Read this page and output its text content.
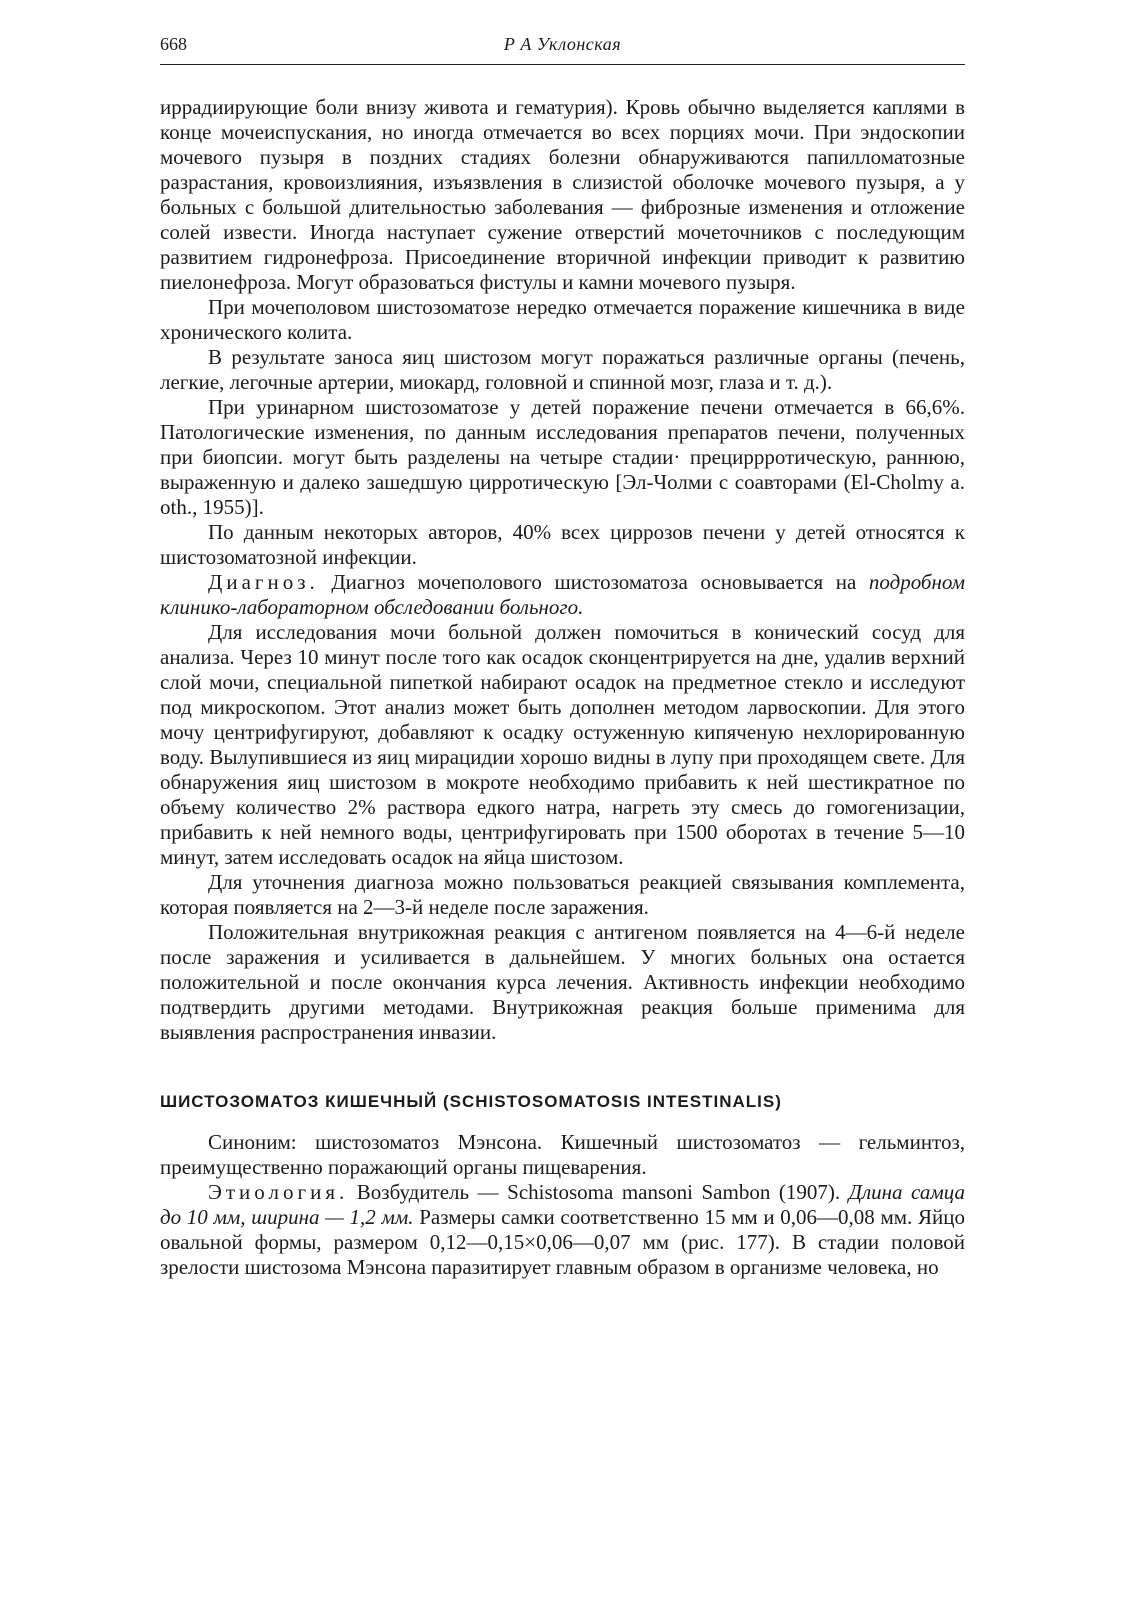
668	Р А Уклонская

иррадиирующие боли внизу живота и гематурия). Кровь обычно выделяется каплями в конце мочеиспускания, но иногда отмечается во всех порциях мочи. При эндоскопии мочевого пузыря в поздних стадиях болезни обнаруживаются папилломатозные разрастания, кровоизлияния, изъязвления в слизистой оболочке мочевого пузыря, а у больных с большой длительностью заболевания — фиброзные изменения и отложение солей извести. Иногда наступает сужение отверстий мочеточников с последующим развитием гидронефроза. Присоединение вторичной инфекции приводит к развитию пиелонефроза. Могут образоваться фистулы и камни мочевого пузыря.

При мочеполовом шистозоматозе нередко отмечается поражение кишечника в виде хронического колита.

В результате заноса яиц шистозом могут поражаться различные органы (печень, легкие, легочные артерии, миокард, головной и спинной мозг, глаза и т. д.).

При уринарном шистозоматозе у детей поражение печени отмечается в 66,6%. Патологические изменения, по данным исследования препаратов печени, полученных при биопсии. могут быть разделены на четыре стадии· прециррротическую, раннюю, выраженную и далеко зашедшую цирротическую [Эл-Чолми с соавторами (El-Cholmy a. oth., 1955)].

По данным некоторых авторов, 40% всех циррозов печени у детей относятся к шистозоматозной инфекции.

Диагноз. Диагноз мочеполового шистозоматоза основывается на подробном клинико-лабораторном обследовании больного.

Для исследования мочи больной должен помочиться в конический сосуд для анализа. Через 10 минут после того как осадок сконцентрируется на дне, удалив верхний слой мочи, специальной пипеткой набирают осадок на предметное стекло и исследуют под микроскопом. Этот анализ может быть дополнен методом ларвоскопии. Для этого мочу центрифугируют, добавляют к осадку остуженную кипяченую нехлорированную воду. Вылупившиеся из яиц мирацидии хорошо видны в лупу при проходящем свете. Для обнаружения яиц шистозом в мокроте необходимо прибавить к ней шестикратное по объему количество 2% раствора едкого натра, нагреть эту смесь до гомогенизации, прибавить к ней немного воды, центрифугировать при 1500 оборотах в течение 5—10 минут, затем исследовать осадок на яйца шистозом.

Для уточнения диагноза можно пользоваться реакцией связывания комплемента, которая появляется на 2—3-й неделе после заражения.

Положительная внутрикожная реакция с антигеном появляется на 4—6-й неделе после заражения и усиливается в дальнейшем. У многих больных она остается положительной и после окончания курса лечения. Активность инфекции необходимо подтвердить другими методами. Внутрикожная реакция больше применима для выявления распространения инвазии.

ШИСТОЗОМАТОЗ КИШЕЧНЫЙ (SCHISTOSOMATOSIS INTESTINALIS)

Синоним: шистозоматоз Мэнсона. Кишечный шистозоматоз — гельминтоз, преимущественно поражающий органы пищеварения.

Этиология. Возбудитель — Schistosoma mansoni Sambon (1907). Длина самца до 10 мм, ширина — 1,2 мм. Размеры самки соответственно 15 мм и 0,06—0,08 мм. Яйцо овальной формы, размером 0,12—0,15×0,06—0,07 мм (рис. 177). В стадии половой зрелости шистозома Мэнсона паразитирует главным образом в организме человека, но
